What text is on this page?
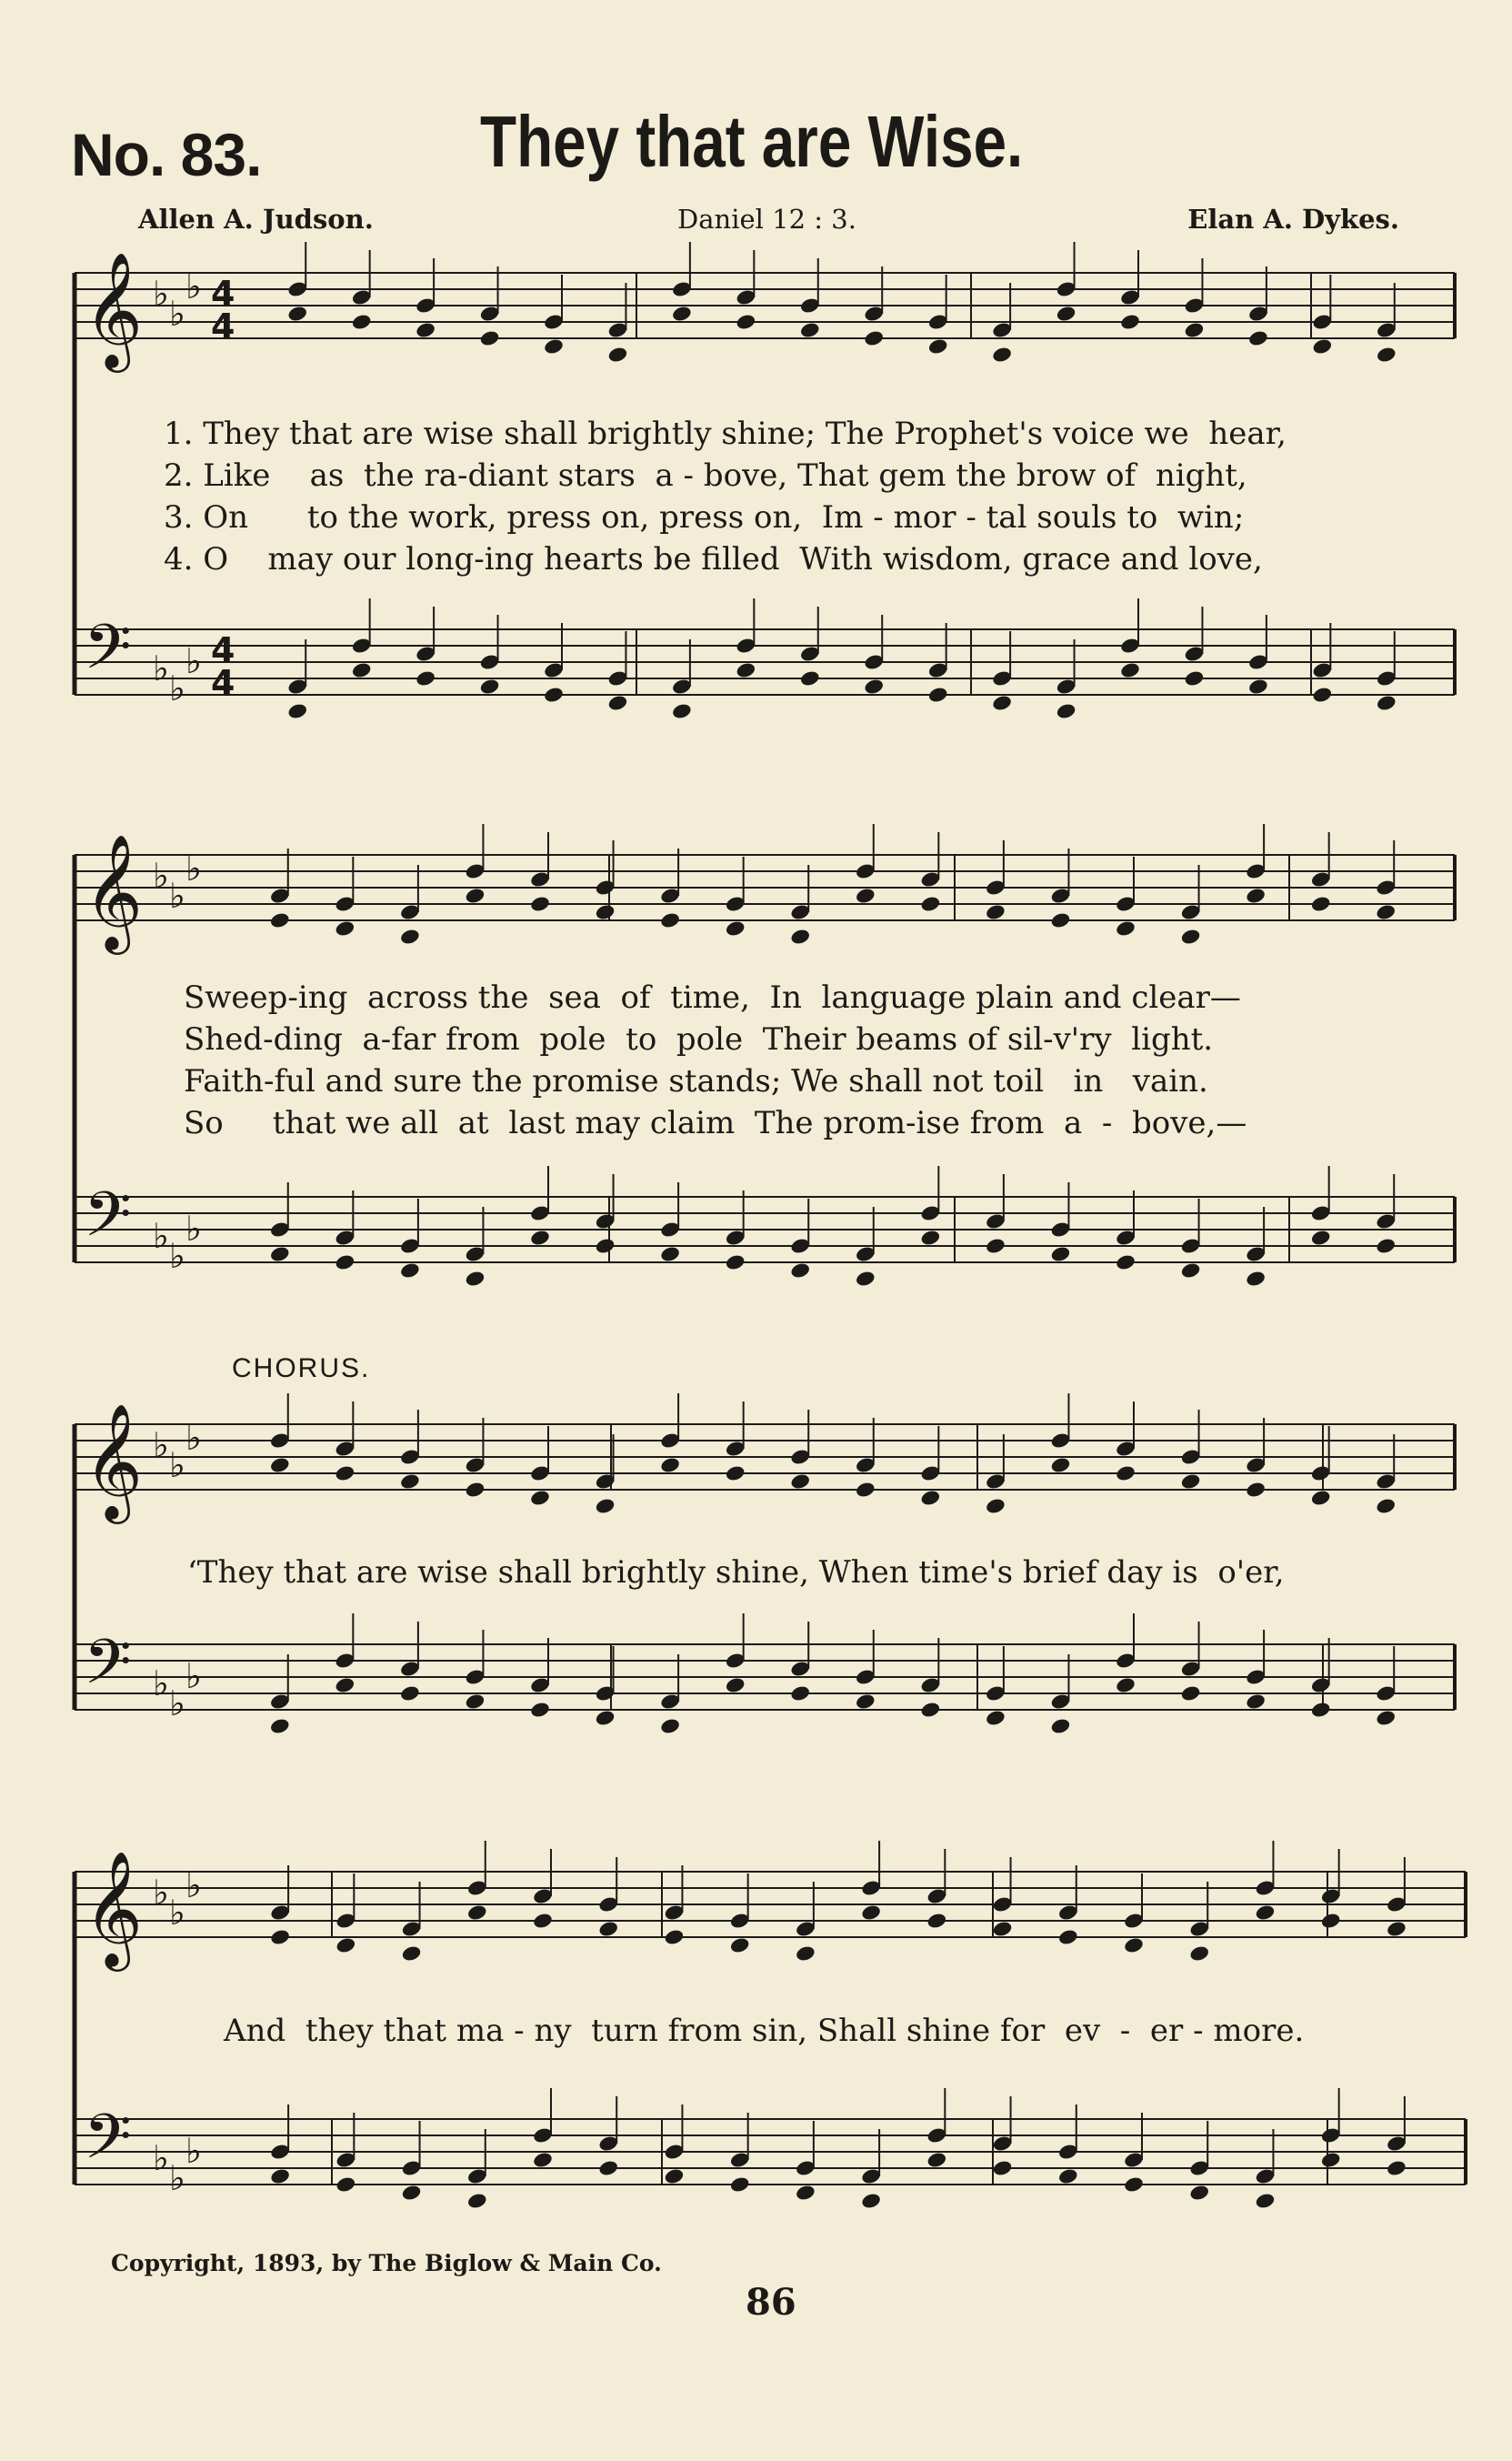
No. 83.	They that are Wise.
Allen A. Judson.	Daniel 12 : 3.	Elan A. Dykes.
𝄞 ♭ ♭
♭ 4
4
𝄢 ♭ ♭
♭ 4
4
𝄞 ♭ ♭
♭
𝄢 ♭ ♭
♭
𝄞 ♭ ♭
♭
𝄢 ♭ ♭
♭
𝄞 ♭ ♭
♭
𝄢 ♭ ♭
♭
1. They that are wise shall brightly shine; The Prophet's voice we  hear,
2. Like    as  the ra-diant stars  a - bove, That gem the brow of  night,
3. On      to the work, press on, press on,  Im - mor - tal souls to  win;
4. O    may our long-ing hearts be filled  With wisdom, grace and love,
Sweep-ing  across the  sea  of  time,  In  language plain and clear—
Shed-ding  a-far from  pole  to  pole  Their beams of sil-v'ry  light.
Faith-ful and sure the promise stands; We shall not toil   in   vain.
So     that we all  at  last may claim  The prom-ise from  a  -  bove,—
CHORUS.
‘They that are wise shall brightly shine, When time's brief day is  o'er,
And  they that ma - ny  turn from sin, Shall shine for  ev  -  er - more.
Copyright, 1893, by The Biglow & Main Co.
86
